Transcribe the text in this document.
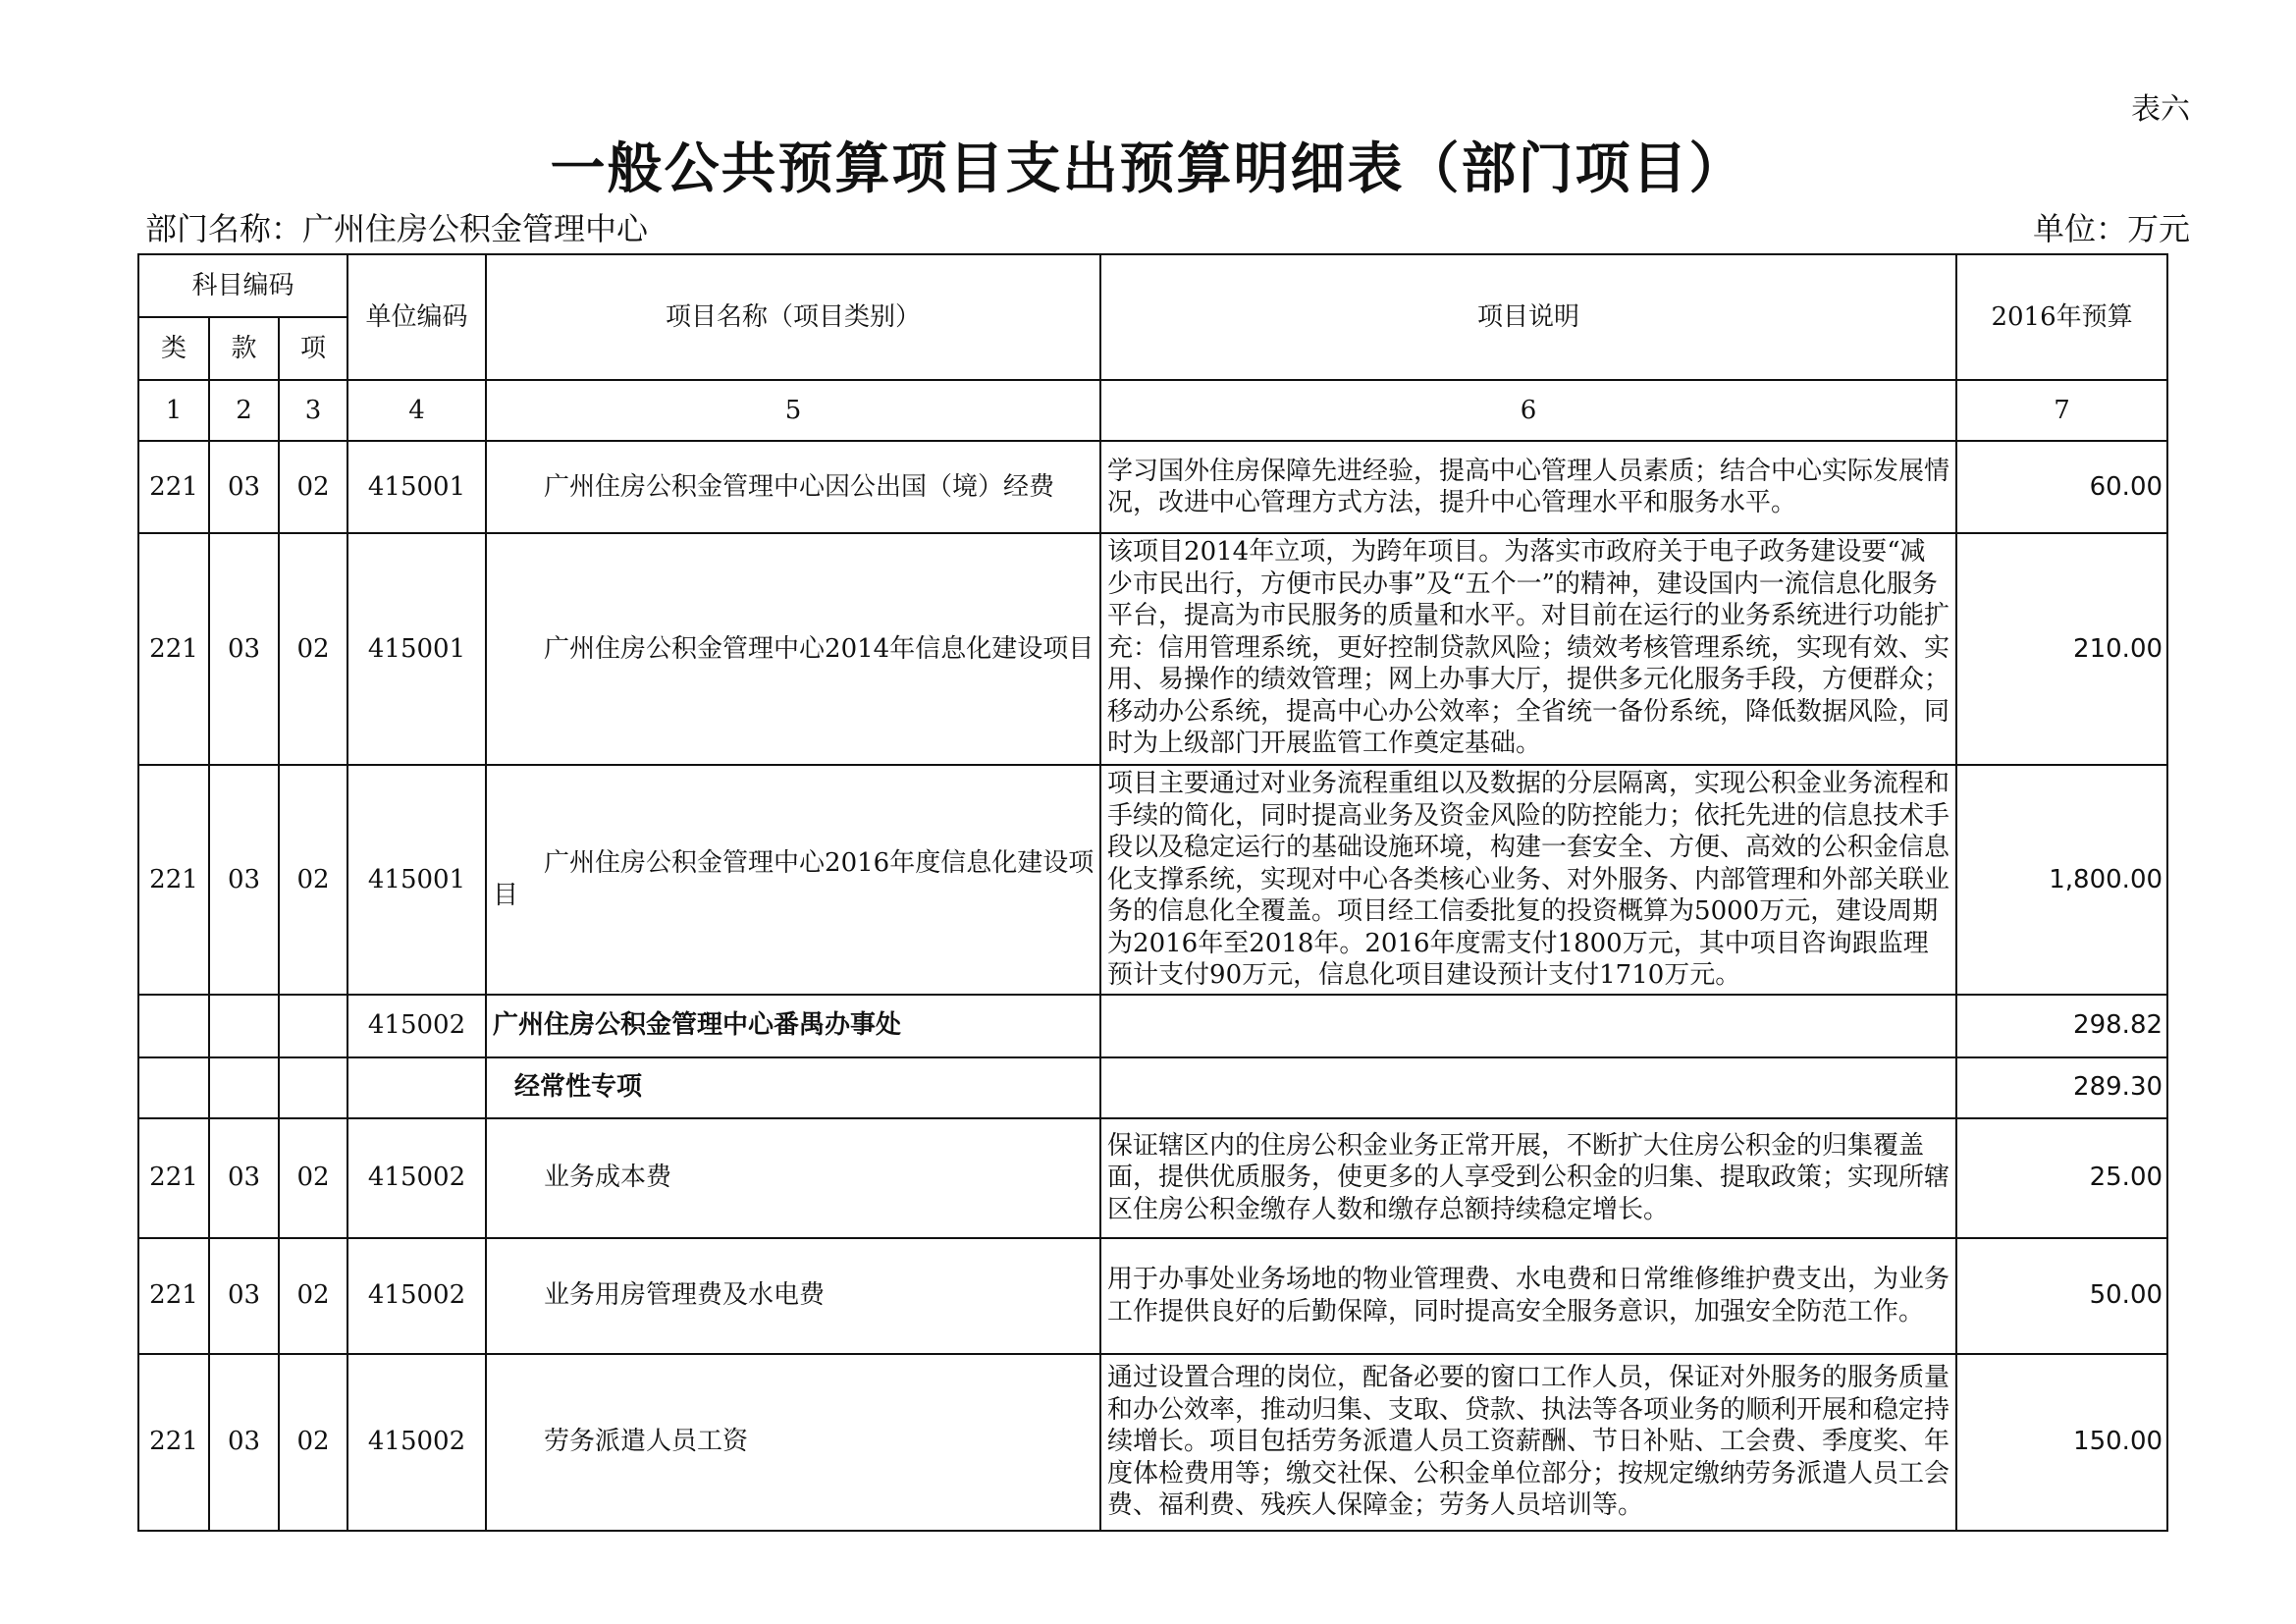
表六
一般公共预算项目支出预算明细表（部门项目）
部门名称：广州住房公积金管理中心	单位：万元
科目编码			单位编码	项目名称（项目类别）	项目说明	2016年预算
类	款	项				
1	2	3	4	5	6	7
221	03	02	415001	广州住房公积金管理中心因公出国（境）经费	学习国外住房保障先进经验，提高中心管理人员素质；结合中心实际发展情况，改进中心管理方式方法，提升中心管理水平和服务水平。	60.00
221	03	02	415001	广州住房公积金管理中心2014年信息化建设项目	该项目2014年立项，为跨年项目。为落实市政府关于电子政务建设要“减少市民出行，方便市民办事”及“五个一”的精神，建设国内一流信息化服务平台，提高为市民服务的质量和水平。对目前在运行的业务系统进行功能扩充：信用管理系统，更好控制贷款风险；绩效考核管理系统，实现有效、实用、易操作的绩效管理；网上办事大厅，提供多元化服务手段，方便群众；移动办公系统，提高中心办公效率；全省统一备份系统，降低数据风险，同时为上级部门开展监管工作奠定基础。	210.00
221	03	02	415001	广州住房公积金管理中心2016年度信息化建设项目	项目主要通过对业务流程重组以及数据的分层隔离，实现公积金业务流程和手续的简化，同时提高业务及资金风险的防控能力；依托先进的信息技术手段以及稳定运行的基础设施环境，构建一套安全、方便、高效的公积金信息化支撑系统，实现对中心各类核心业务、对外服务、内部管理和外部关联业务的信息化全覆盖。项目经工信委批复的投资概算为5000万元，建设周期为2016年至2018年。2016年度需支付1800万元，其中项目咨询跟监理预计支付90万元，信息化项目建设预计支付1710万元。	1,800.00
			415002	广州住房公积金管理中心番禺办事处		298.82
				经常性专项		289.30
221	03	02	415002	业务成本费	保证辖区内的住房公积金业务正常开展，不断扩大住房公积金的归集覆盖面，提供优质服务，使更多的人享受到公积金的归集、提取政策；实现所辖区住房公积金缴存人数和缴存总额持续稳定增长。	25.00
221	03	02	415002	业务用房管理费及水电费	用于办事处业务场地的物业管理费、水电费和日常维修维护费支出，为业务工作提供良好的后勤保障，同时提高安全服务意识，加强安全防范工作。	50.00
221	03	02	415002	劳务派遣人员工资	通过设置合理的岗位，配备必要的窗口工作人员，保证对外服务的服务质量和办公效率，推动归集、支取、贷款、执法等各项业务的顺利开展和稳定持续增长。项目包括劳务派遣人员工资薪酬、节日补贴、工会费、季度奖、年度体检费用等；缴交社保、公积金单位部分；按规定缴纳劳务派遣人员工会费、福利费、残疾人保障金；劳务人员培训等。	150.00
